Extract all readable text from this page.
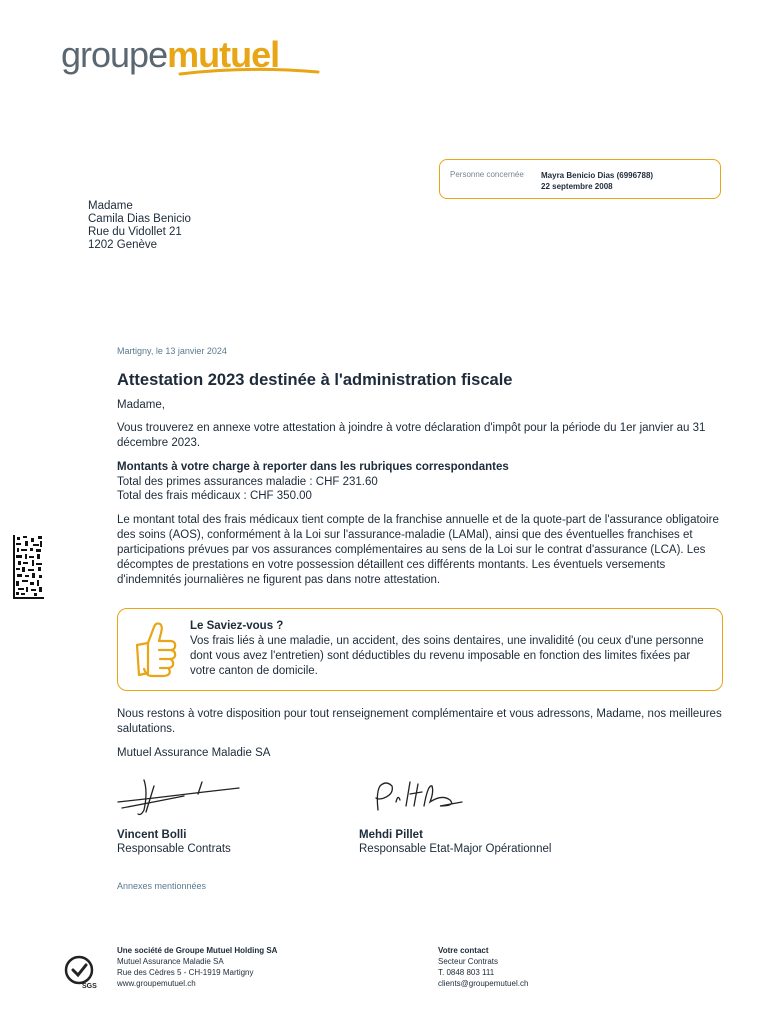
groupemutuel
Personne concernée Mayra Benicio Dias (6996788)
22 septembre 2008
Madame
Camila Dias Benicio
Rue du Vidollet 21
1202 Genève
Martigny, le 13 janvier 2024
Attestation 2023 destinée à l'administration fiscale
Madame,
Vous trouverez en annexe votre attestation à joindre à votre déclaration d'impôt pour la période du 1er janvier au 31 décembre 2023.
Montants à votre charge à reporter dans les rubriques correspondantes
Total des primes assurances maladie : CHF 231.60
Total des frais médicaux : CHF 350.00
Le montant total des frais médicaux tient compte de la franchise annuelle et de la quote-part de l'assurance obligatoire des soins (AOS), conformément à la Loi sur l'assurance-maladie (LAMal), ainsi que des éventuelles franchises et participations prévues par vos assurances complémentaires au sens de la Loi sur le contrat d'assurance (LCA). Les décomptes de prestations en votre possession détaillent ces différents montants. Les éventuels versements d'indemnités journalières ne figurent pas dans notre attestation.
Le Saviez-vous ?
Vos frais liés à une maladie, un accident, des soins dentaires, une invalidité (ou ceux d'une personne dont vous avez l'entretien) sont déductibles du revenu imposable en fonction des limites fixées par votre canton de domicile.
Nous restons à votre disposition pour tout renseignement complémentaire et vous adressons, Madame, nos meilleures salutations.
Mutuel Assurance Maladie SA
Vincent Bolli
Responsable Contrats
Mehdi Pillet
Responsable Etat-Major Opérationnel
Annexes mentionnées
SGS
Une société de Groupe Mutuel Holding SA
Mutuel Assurance Maladie SA
Rue des Cèdres 5 - CH-1919 Martigny
www.groupemutuel.ch
Votre contact
Secteur Contrats
T. 0848 803 111
clients@groupemutuel.ch
